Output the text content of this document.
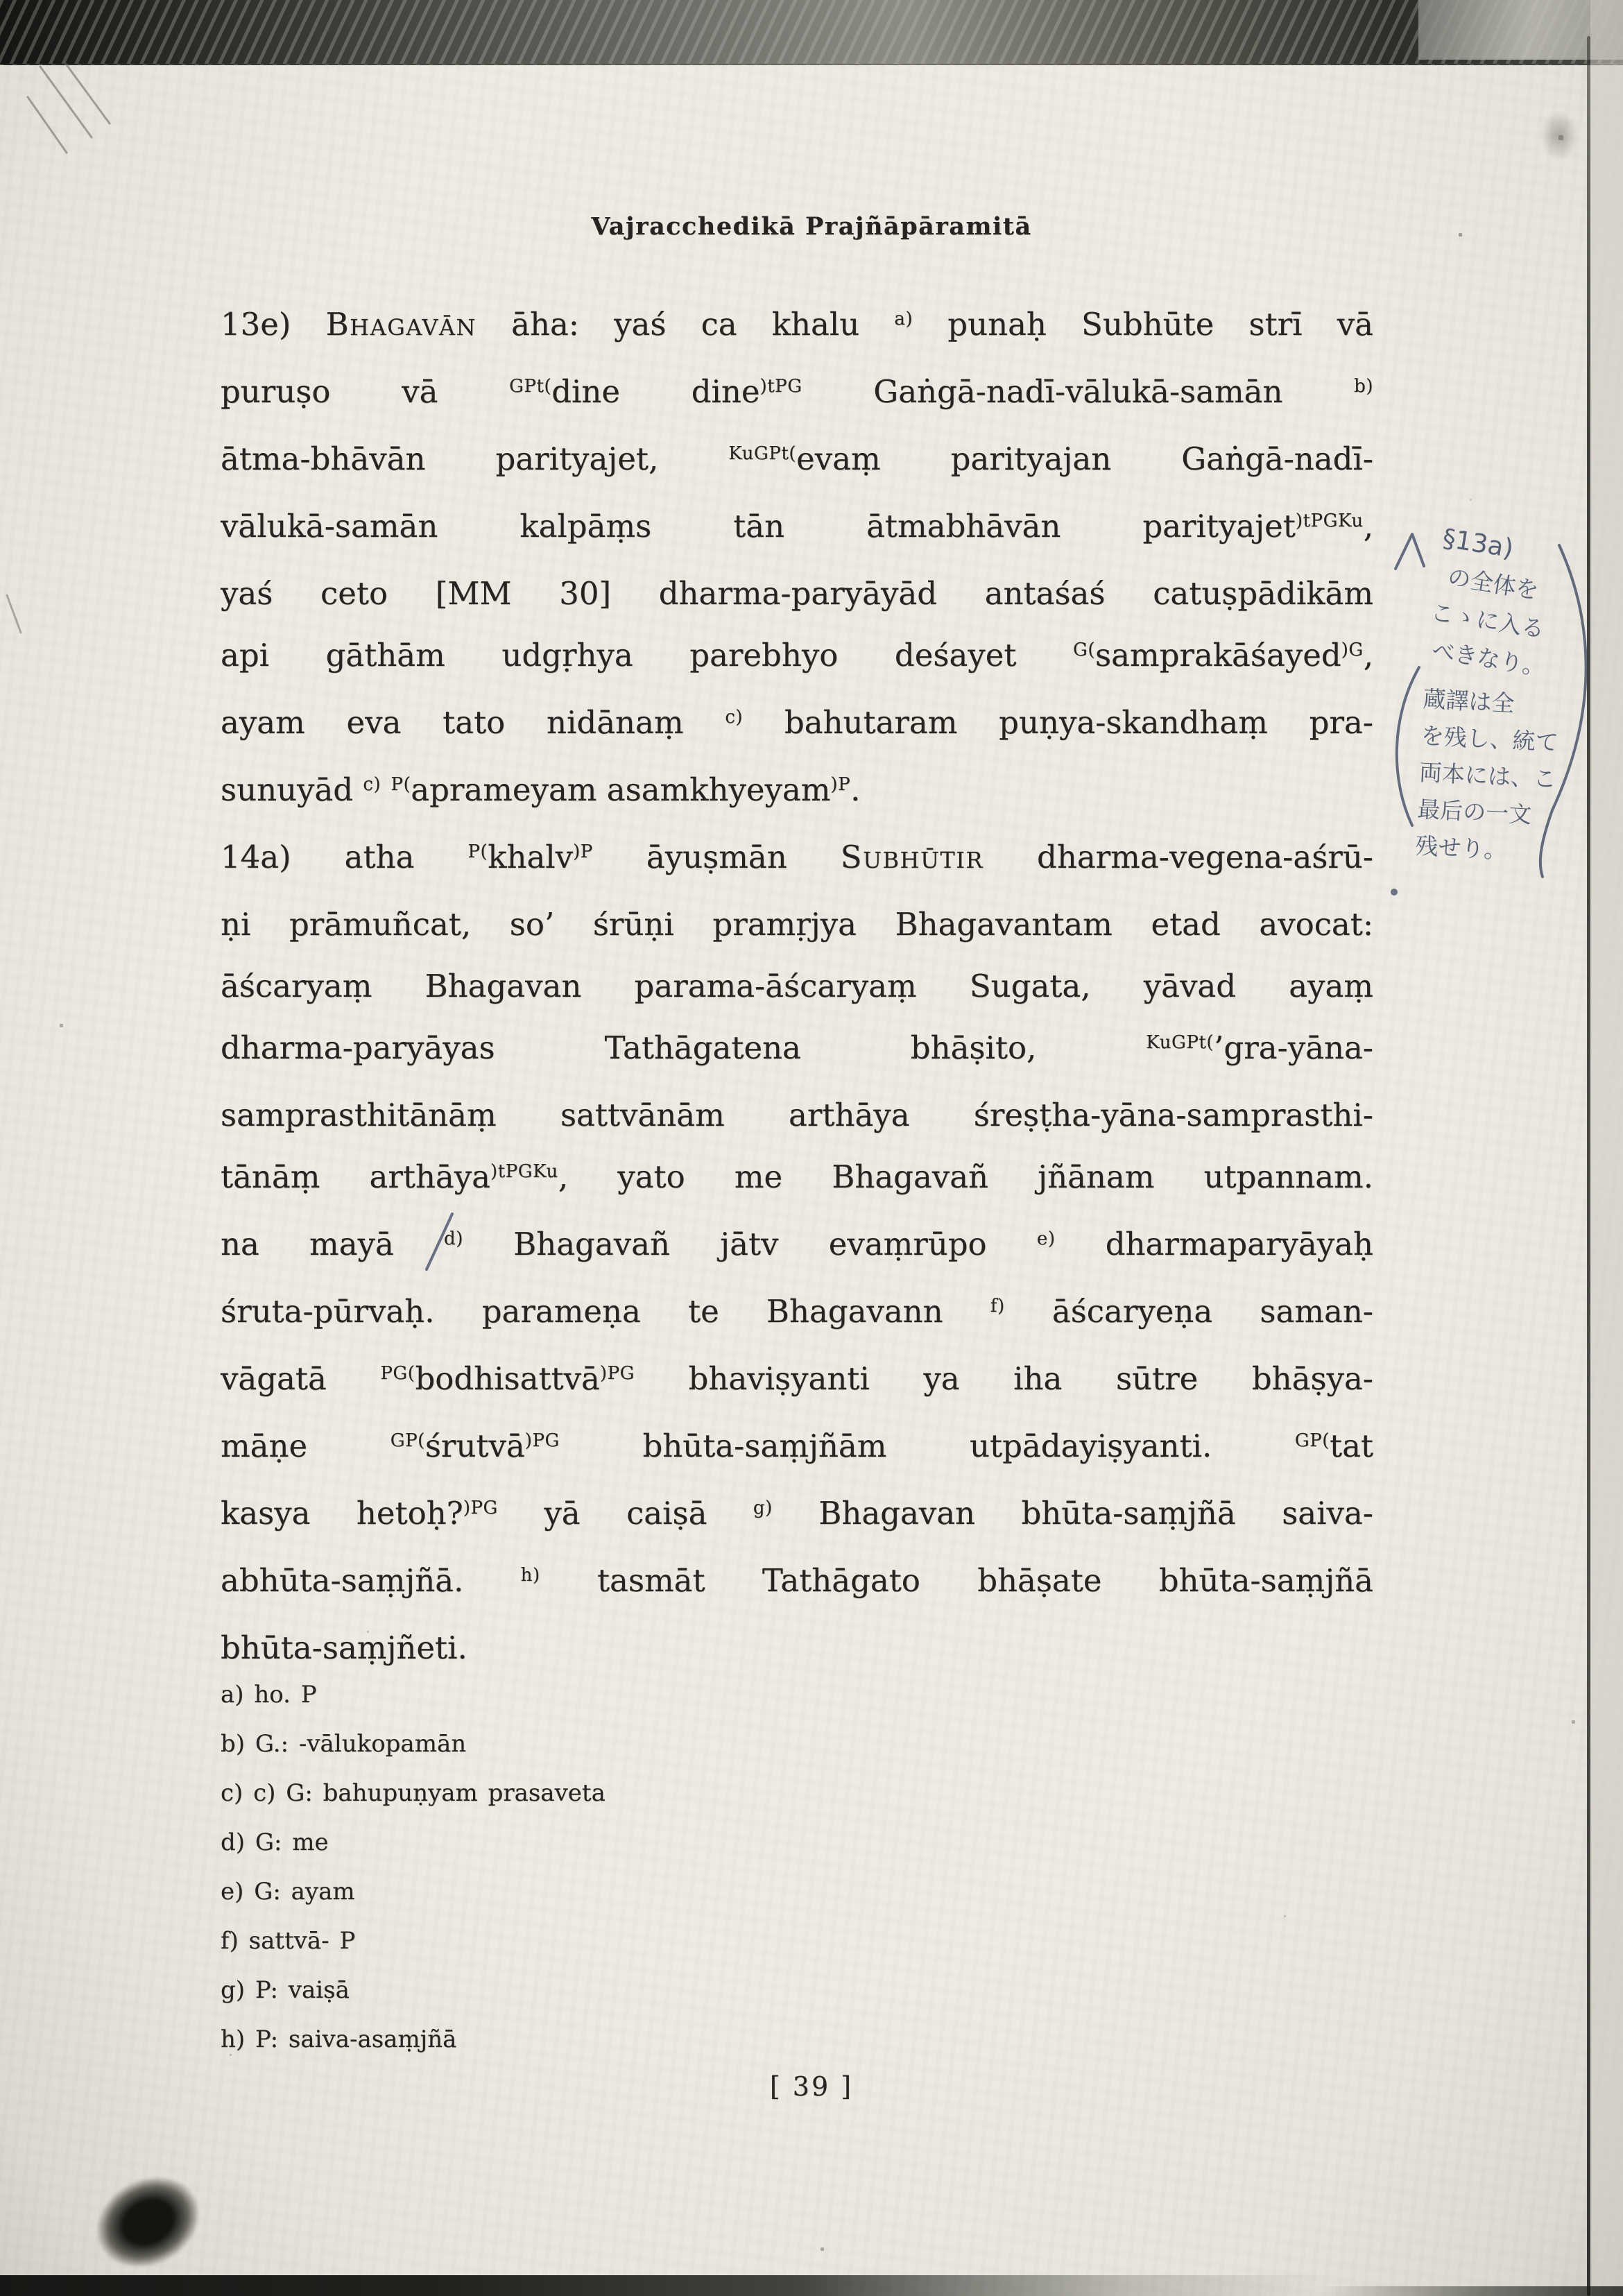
Vajracchedikā Prajñāpāramitā
13e) Bhagavān āha: yaś ca khalu $^{a)}$ punaḥ Subhūte strī vā
puruṣo vā $^{GPt(}$dine dine$^{)tPG}$ Gaṅgā-nadī-vālukā-samān $^{b)}$
ātma-bhāvān parityajet, $^{KuGPt(}$evaṃ parityajan Gaṅgā-nadī-
vālukā-samān kalpāṃs tān ātmabhāvān parityajet$^{)tPGKu}$,
yaś ceto [MM 30] dharma-paryāyād antaśaś catuṣpādikām
api gāthām udgṛhya parebhyo deśayet $^{G(}$samprakāśayed$^{)G}$,
ayam eva tato nidānaṃ $^{c)}$ bahutaram puṇya-skandhaṃ pra-
sunuyād $^{c)}$ $^{P(}$aprameyam asamkhyeyam$^{)P}$.
14a) atha $^{P(}$khalv$^{)P}$ āyuṣmān Subhūtir dharma-vegena-aśrū-
ṇi prāmuñcat, so’ śrūṇi pramṛjya Bhagavantam etad avocat:
āścaryaṃ Bhagavan parama-āścaryaṃ Sugata, yāvad ayaṃ
dharma-paryāyas Tathāgatena bhāṣito, $^{KuGPt(}$’gra-yāna-
samprasthitānāṃ sattvānām arthāya śreṣṭha-yāna-samprasthi-
tānāṃ arthāya$^{)tPGKu}$, yato me Bhagavañ jñānam utpannam.
na mayā $^{d)}$ Bhagavañ jātv evaṃrūpo $^{e)}$ dharmaparyāyaḥ
śruta-pūrvaḥ. parameṇa te Bhagavann $^{f)}$ āścaryeṇa saman-
vāgatā $^{PG(}$bodhisattvā$^{)PG}$ bhaviṣyanti ya iha sūtre bhāṣya-
māṇe $^{GP(}$śrutvā$^{)PG}$ bhūta-saṃjñām utpādayiṣyanti. $^{GP(}$tat
kasya hetoḥ?$^{)PG}$ yā caiṣā $^{g)}$ Bhagavan bhūta-saṃjñā saiva-
abhūta-saṃjñā. $^{h)}$ tasmāt Tathāgato bhāṣate bhūta-saṃjñā
bhūta-saṃjñeti.
a) ho. P
b) G.: -vālukopamān
c) c) G: bahupuṇyam prasaveta
d) G: me
e) G: ayam
f) sattvā- P
g) P: vaiṣā
h) P: saiva-asaṃjñā
[ 39 ]
§13a)
の全体を
こゝに入る
べきなり。
蔵譯は全
を残し、統て
両本には、こ
最后の一文
残せり。
